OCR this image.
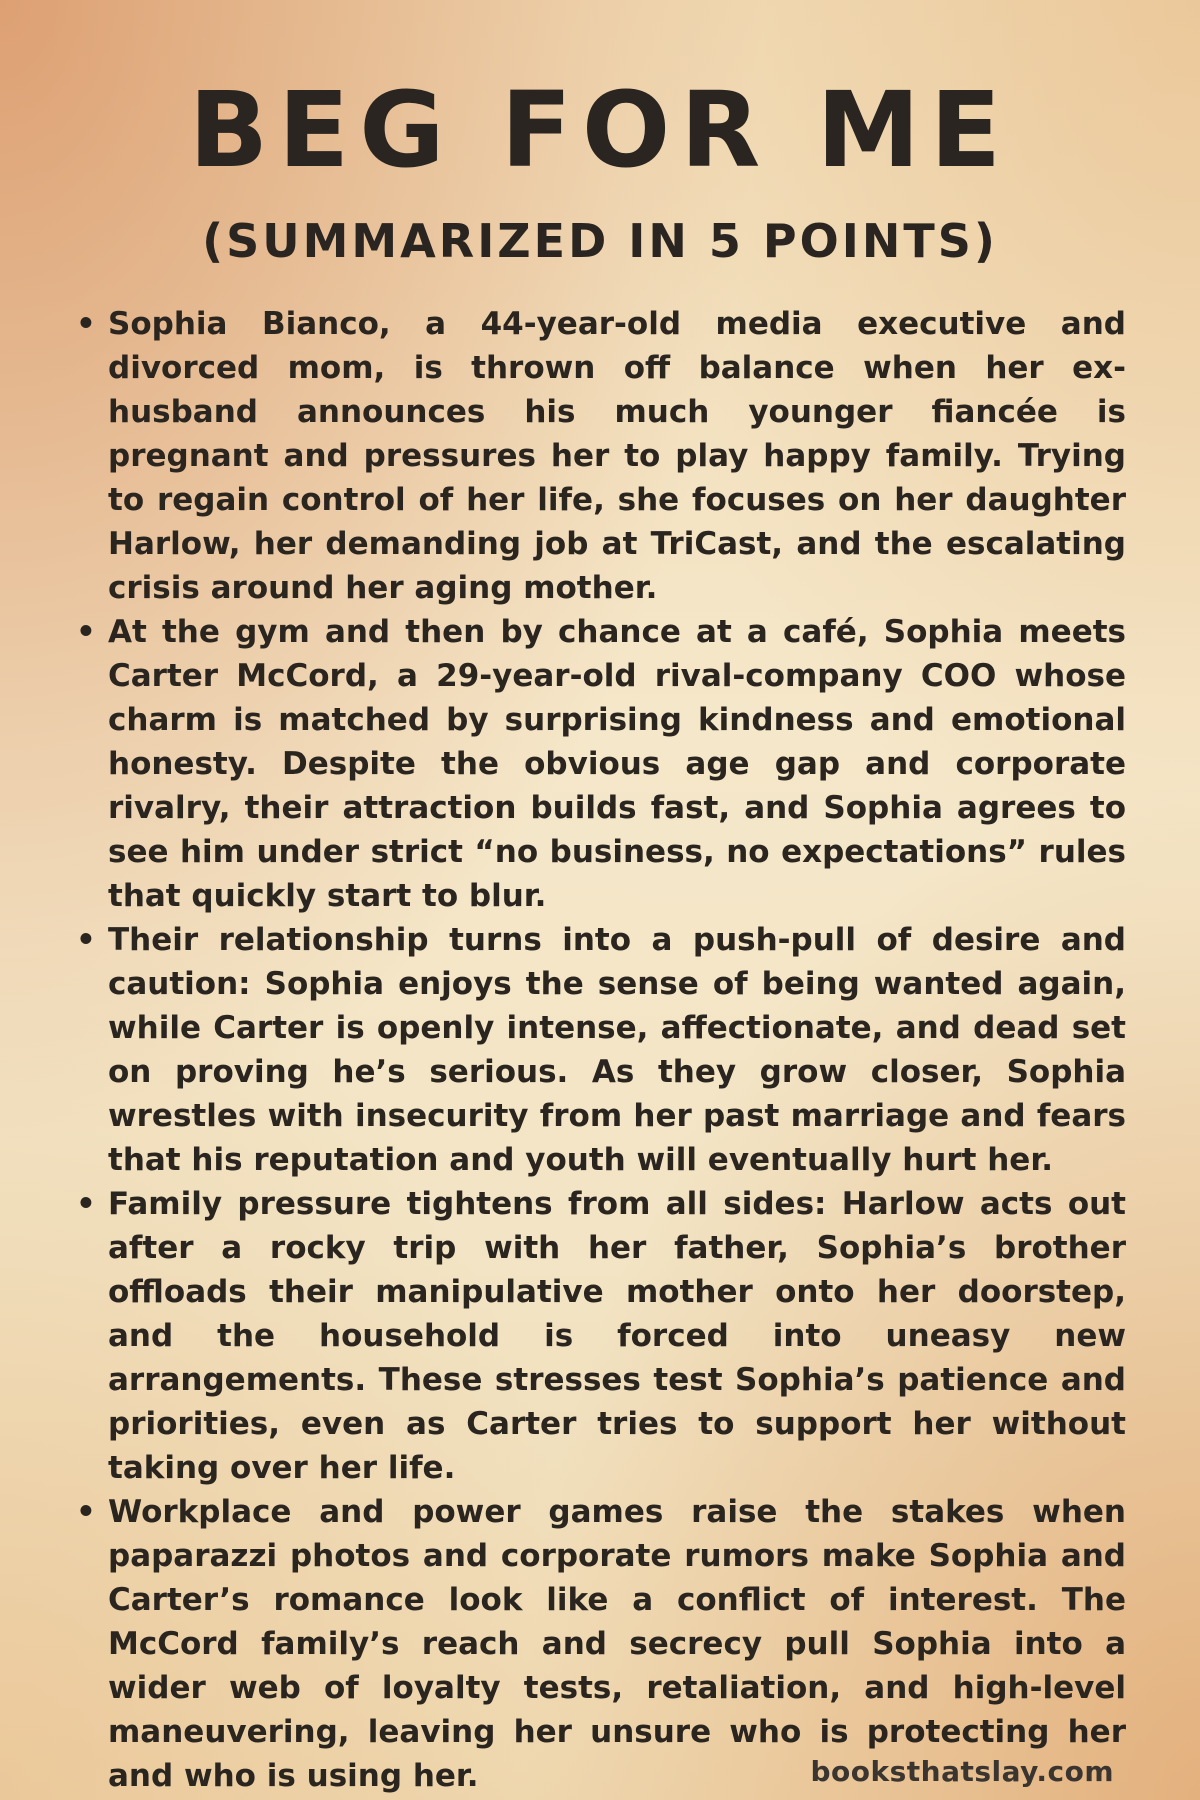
BEG FOR ME
(SUMMARIZED IN 5 POINTS)
• Sophia Bianco, a 44-year-old media executive and divorced mom, is thrown off balance when her ex-husband announces his much younger fiancée is pregnant and pressures her to play happy family. Trying to regain control of her life, she focuses on her daughter Harlow, her demanding job at TriCast, and the escalating crisis around her aging mother.
• At the gym and then by chance at a café, Sophia meets Carter McCord, a 29-year-old rival-company COO whose charm is matched by surprising kindness and emotional honesty. Despite the obvious age gap and corporate rivalry, their attraction builds fast, and Sophia agrees to see him under strict “no business, no expectations” rules that quickly start to blur.
• Their relationship turns into a push-pull of desire and caution: Sophia enjoys the sense of being wanted again, while Carter is openly intense, affectionate, and dead set on proving he’s serious. As they grow closer, Sophia wrestles with insecurity from her past marriage and fears that his reputation and youth will eventually hurt her.
• Family pressure tightens from all sides: Harlow acts out after a rocky trip with her father, Sophia’s brother offloads their manipulative mother onto her doorstep, and the household is forced into uneasy new arrangements. These stresses test Sophia’s patience and priorities, even as Carter tries to support her without taking over her life.
• Workplace and power games raise the stakes when paparazzi photos and corporate rumors make Sophia and Carter’s romance look like a conflict of interest. The McCord family’s reach and secrecy pull Sophia into a wider web of loyalty tests, retaliation, and high-level maneuvering, leaving her unsure who is protecting her and who is using her.	booksthatslay.com
